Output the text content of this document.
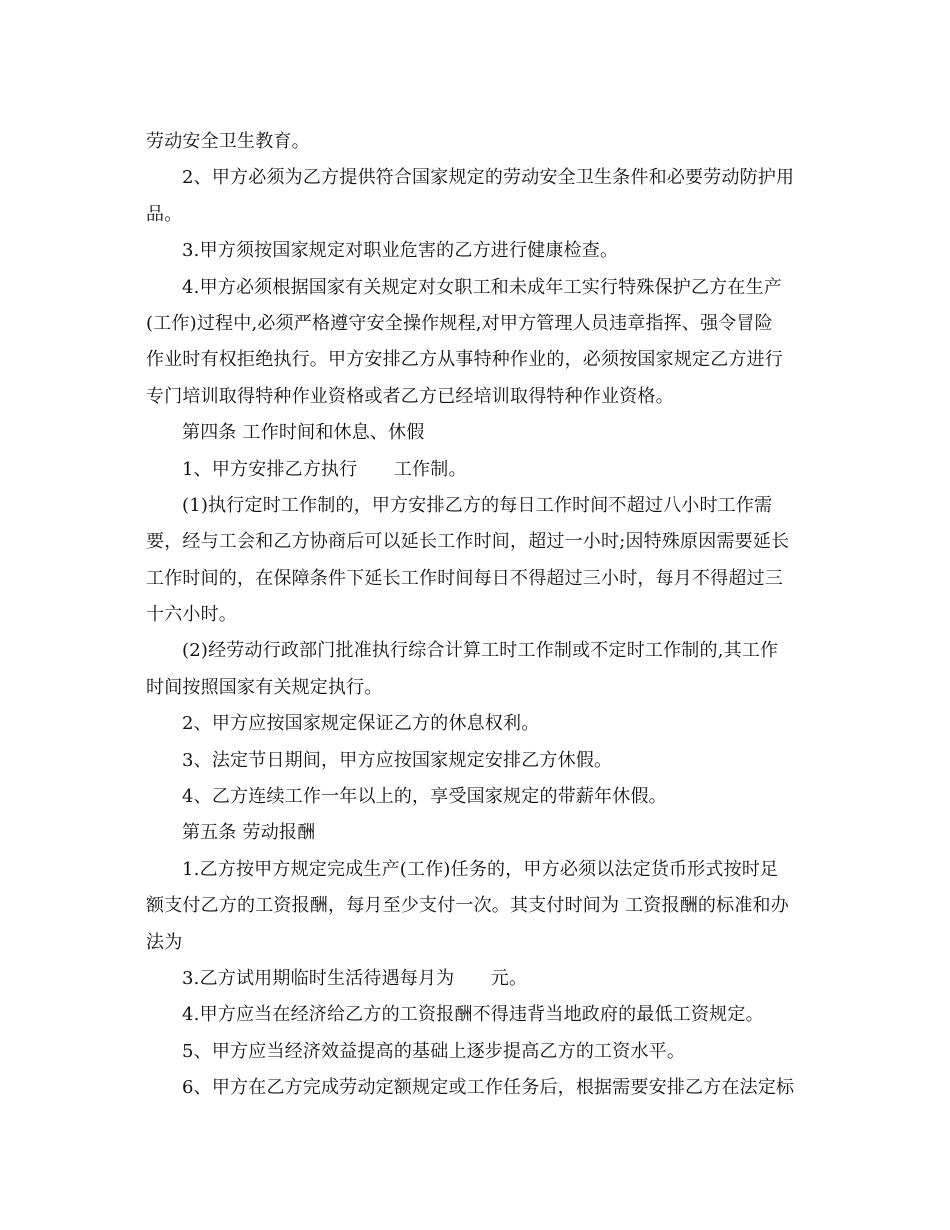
劳动安全卫生教育。
2、甲方必须为乙方提供符合国家规定的劳动安全卫生条件和必要劳动防护用
品。
3.甲方须按国家规定对职业危害的乙方进行健康检查。
4.甲方必须根据国家有关规定对女职工和未成年工实行特殊保护乙方在生产
(工作)过程中,必须严格遵守安全操作规程,对甲方管理人员违章指挥、强令冒险
作业时有权拒绝执行。甲方安排乙方从事特种作业的，必须按国家规定乙方进行
专门培训取得特种作业资格或者乙方已经培训取得特种作业资格。
第四条 工作时间和休息、休假
1、甲方安排乙方执行　　工作制。
(1)执行定时工作制的，甲方安排乙方的每日工作时间不超过八小时工作需
要，经与工会和乙方协商后可以延长工作时间，超过一小时;因特殊原因需要延长
工作时间的，在保障条件下延长工作时间每日不得超过三小时，每月不得超过三
十六小时。
(2)经劳动行政部门批准执行综合计算工时工作制或不定时工作制的,其工作
时间按照国家有关规定执行。
2、甲方应按国家规定保证乙方的休息权利。
3、法定节日期间，甲方应按国家规定安排乙方休假。
4、乙方连续工作一年以上的，享受国家规定的带薪年休假。
第五条 劳动报酬
1.乙方按甲方规定完成生产(工作)任务的，甲方必须以法定货币形式按时足
额支付乙方的工资报酬，每月至少支付一次。其支付时间为 工资报酬的标准和办
法为
3.乙方试用期临时生活待遇每月为　　元。
4.甲方应当在经济给乙方的工资报酬不得违背当地政府的最低工资规定。
5、甲方应当经济效益提高的基础上逐步提高乙方的工资水平。
6、甲方在乙方完成劳动定额规定或工作任务后，根据需要安排乙方在法定标
